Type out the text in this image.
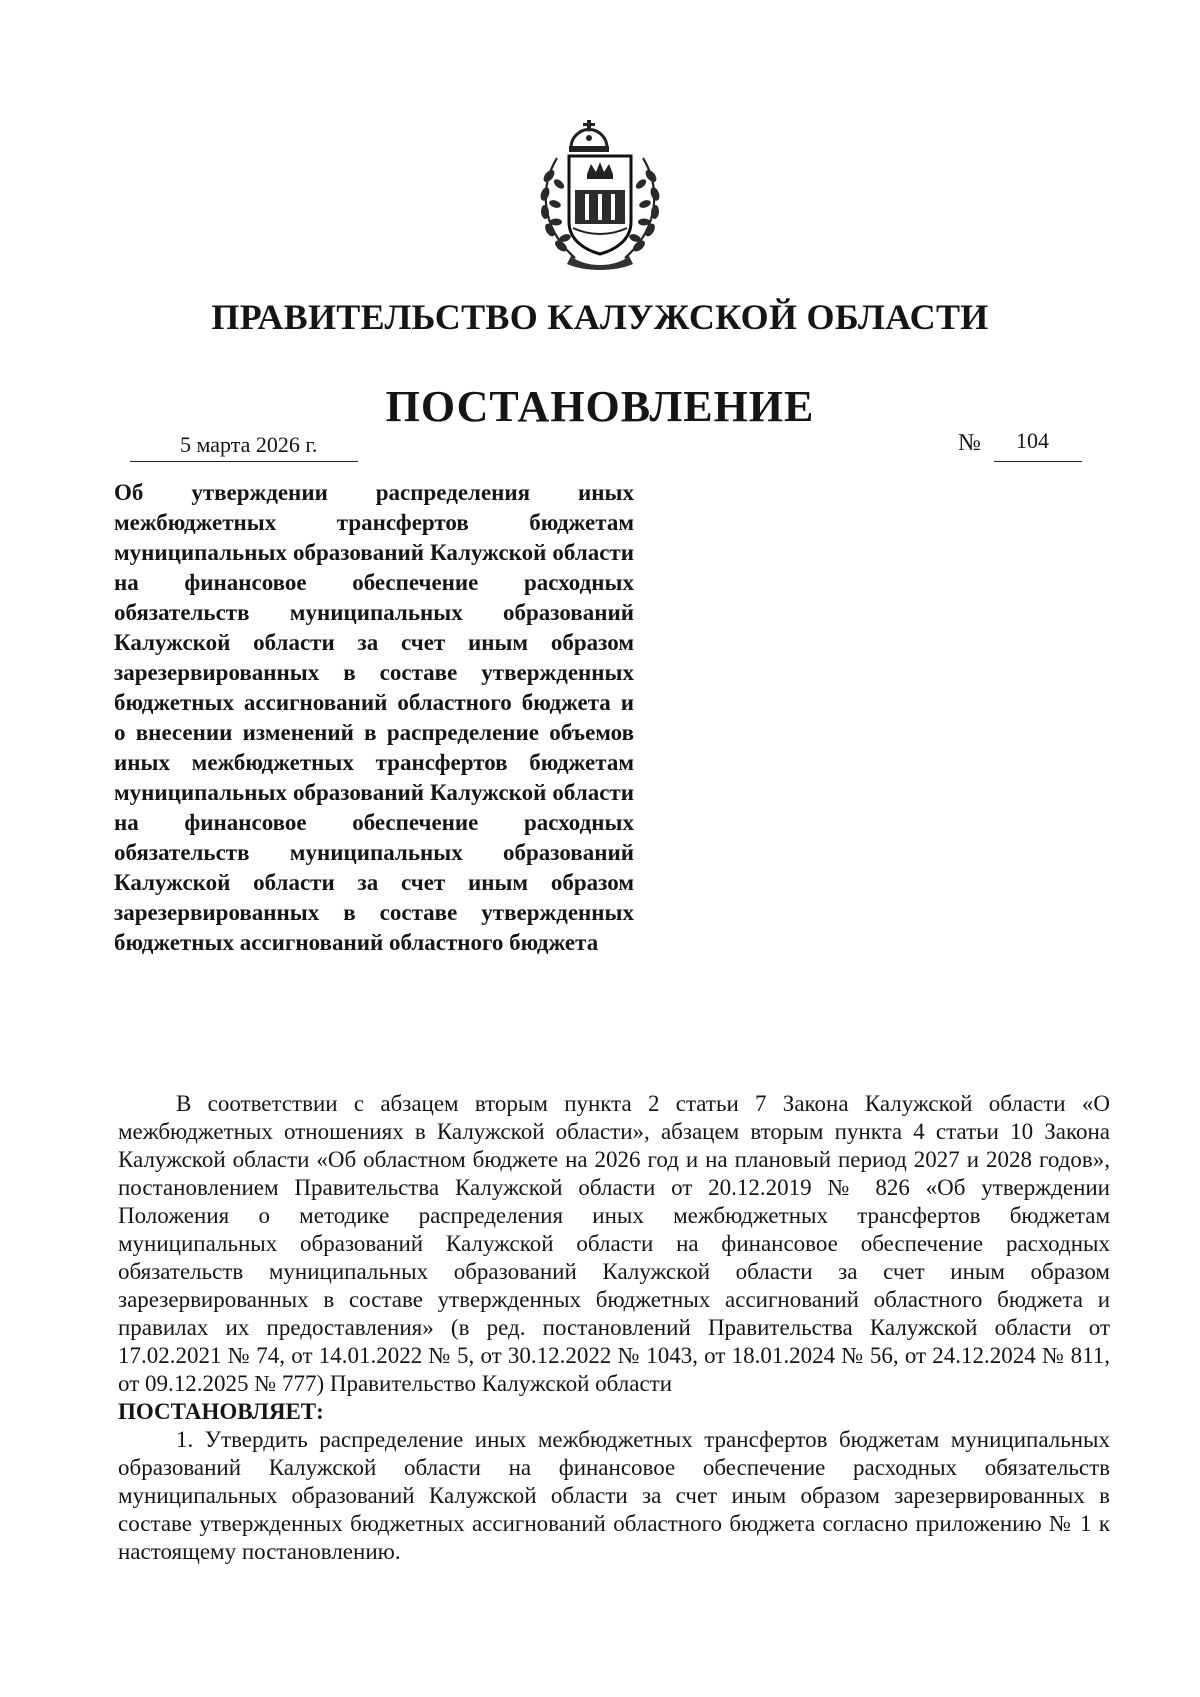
ПРАВИТЕЛЬСТВО КАЛУЖСКОЙ ОБЛАСТИ
ПОСТАНОВЛЕНИЕ
5 марта 2026 г.	№ 104
Об утверждении распределения иных межбюджетных трансфертов бюджетам муниципальных образований Калужской области на финансовое обеспечение расходных обязательств муниципальных образований Калужской области за счет иным образом зарезервированных в составе утвержденных бюджетных ассигнований областного бюджета и о внесении изменений в распределение объемов иных межбюджетных трансфертов бюджетам муниципальных образований Калужской области на финансовое обеспечение расходных обязательств муниципальных образований Калужской области за счет иным образом зарезервированных в составе утвержденных бюджетных ассигнований областного бюджета

В соответствии с абзацем вторым пункта 2 статьи 7 Закона Калужской области «О межбюджетных отношениях в Калужской области», абзацем вторым пункта 4 статьи 10 Закона Калужской области «Об областном бюджете на 2026 год и на плановый период 2027 и 2028 годов», постановлением Правительства Калужской области от 20.12.2019 № 826 «Об утверждении Положения о методике распределения иных межбюджетных трансфертов бюджетам муниципальных образований Калужской области на финансовое обеспечение расходных обязательств муниципальных образований Калужской области за счет иным образом зарезервированных в составе утвержденных бюджетных ассигнований областного бюджета и правилах их предоставления» (в ред. постановлений Правительства Калужской области от 17.02.2021 № 74, от 14.01.2022 № 5, от 30.12.2022 № 1043, от 18.01.2024 № 56, от 24.12.2024 № 811, от 09.12.2025 № 777) Правительство Калужской области

ПОСТАНОВЛЯЕТ:

1. Утвердить распределение иных межбюджетных трансфертов бюджетам муниципальных образований Калужской области на финансовое обеспечение расходных обязательств муниципальных образований Калужской области за счет иным образом зарезервированных в составе утвержденных бюджетных ассигнований областного бюджета согласно приложению № 1 к настоящему постановлению.
